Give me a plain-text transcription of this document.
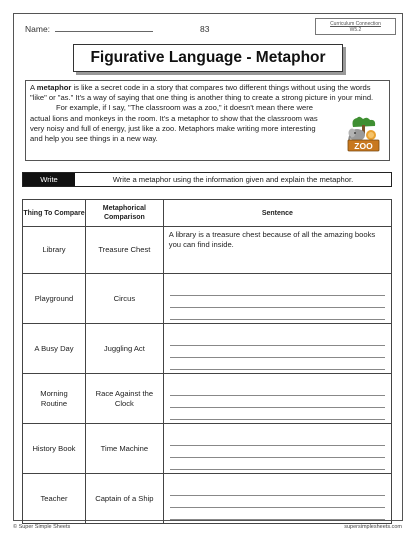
Name:	83
Curriculum Connection
W5.2
Figurative Language - Metaphor

A metaphor is like a secret code in a story that compares two different things without using the words "like" or "as." It's a way of saying that one thing is another thing to create a strong picture in your mind.

For example, if I say, "The classroom was a zoo," it doesn't mean there were actual lions and monkeys in the room. It's a metaphor to show that the classroom was very noisy and full of energy, just like a zoo. Metaphors make writing more interesting and help you see things in a new way.

ZOO
Write	Write a metaphor using the information given and explain the metaphor.
Thing To Compare	Metaphorical Comparison	Sentence
Library	Treasure Chest	A library is a treasure chest because of all the amazing books you can find inside.
Playground	Circus	

A Busy Day	Juggling Act	

Morning Routine	Race Against the Clock	

History Book	Time Machine	

Teacher	Captain of a Ship	
© Super Simple Sheets	supersimplesheets.com
